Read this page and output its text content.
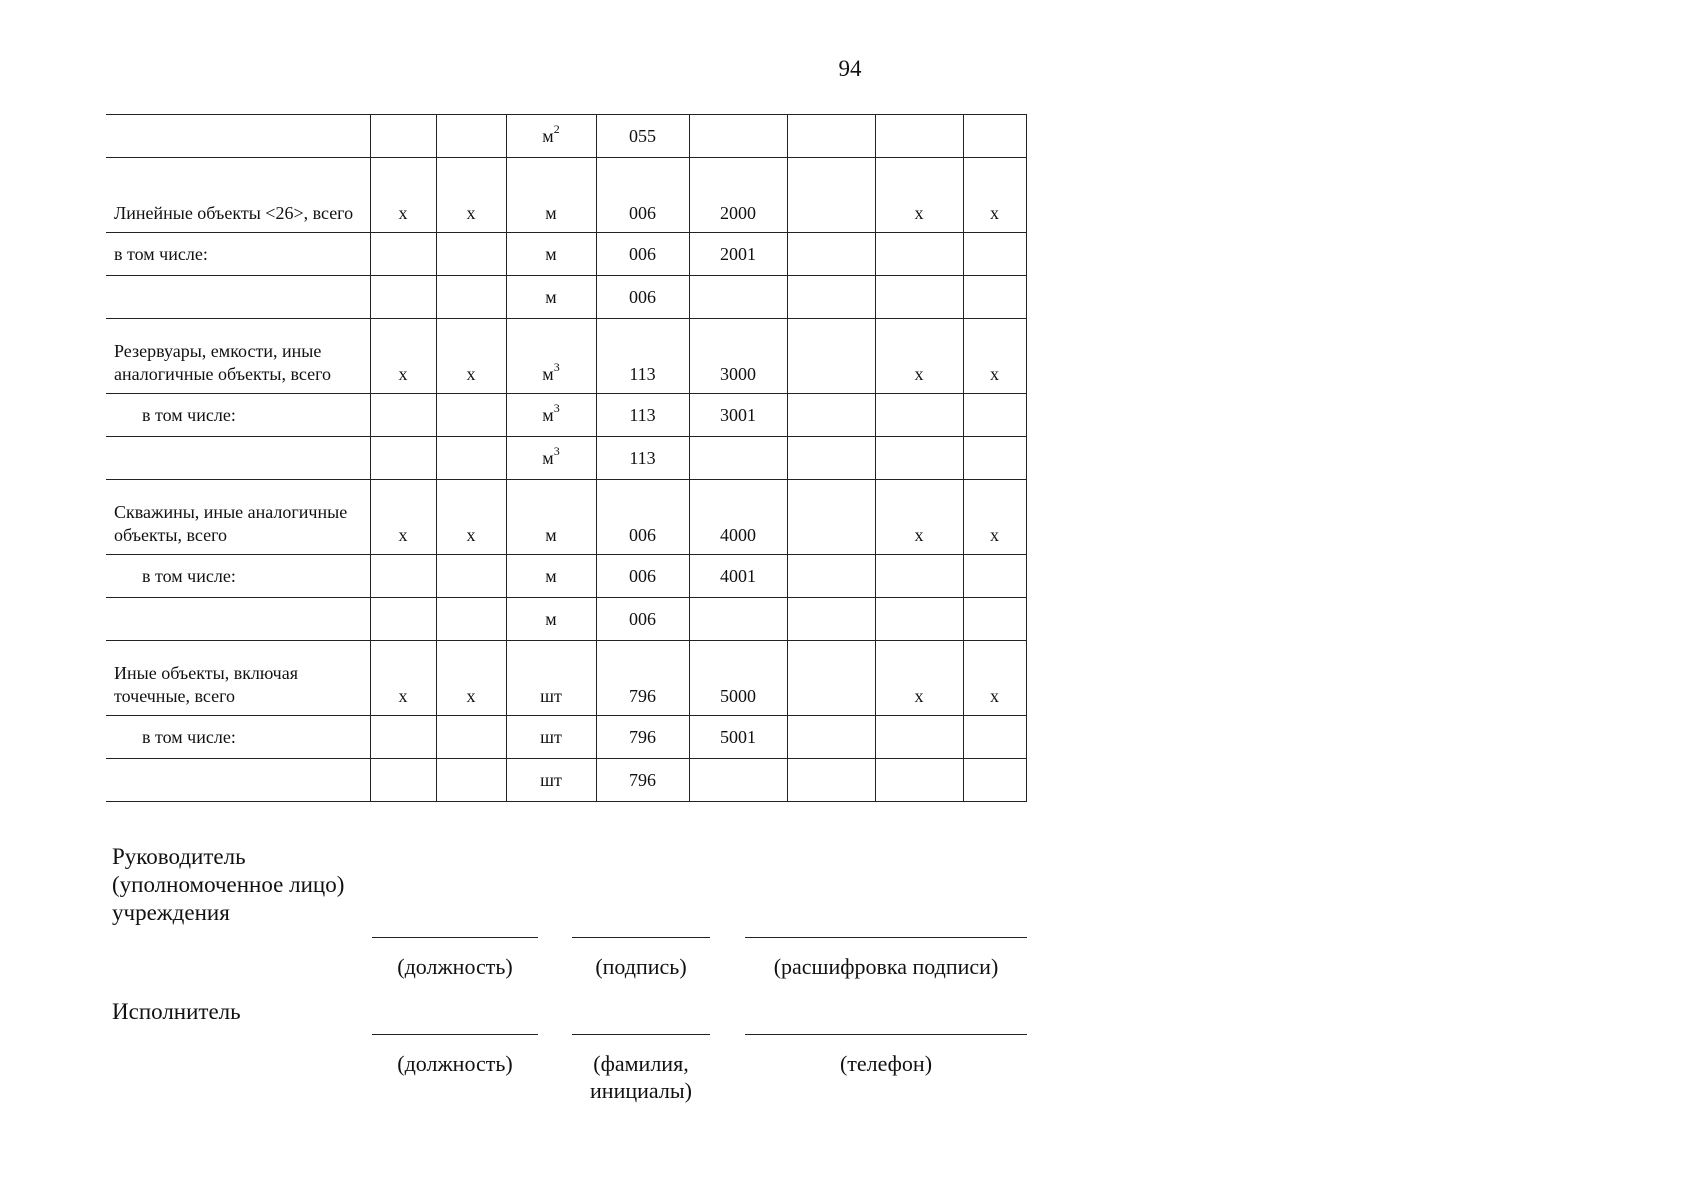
94
			$м^2$	055				
Линейные объекты <26>, всего	х	х	м	006	2000		х	х
в том числе:			м	006	2001			
			м	006				
Резервуары, емкости, иные аналогичные объекты, всего	х	х	$м^3$	113	3000		х	х
в том числе:			$м^3$	113	3001			
			$м^3$	113				
Скважины, иные аналогичные объекты, всего	х	х	м	006	4000		х	х
в том числе:			м	006	4001			
			м	006				
Иные объекты, включая точечные, всего	х	х	шт	796	5000		х	х
в том числе:			шт	796	5001			
			шт	796				
Руководитель
(уполномоченное лицо)
учреждения
(должность)	(подпись)	(расшифровка подписи)
Исполнитель
(должность)	(фамилия,
инициалы)
(телефон)
